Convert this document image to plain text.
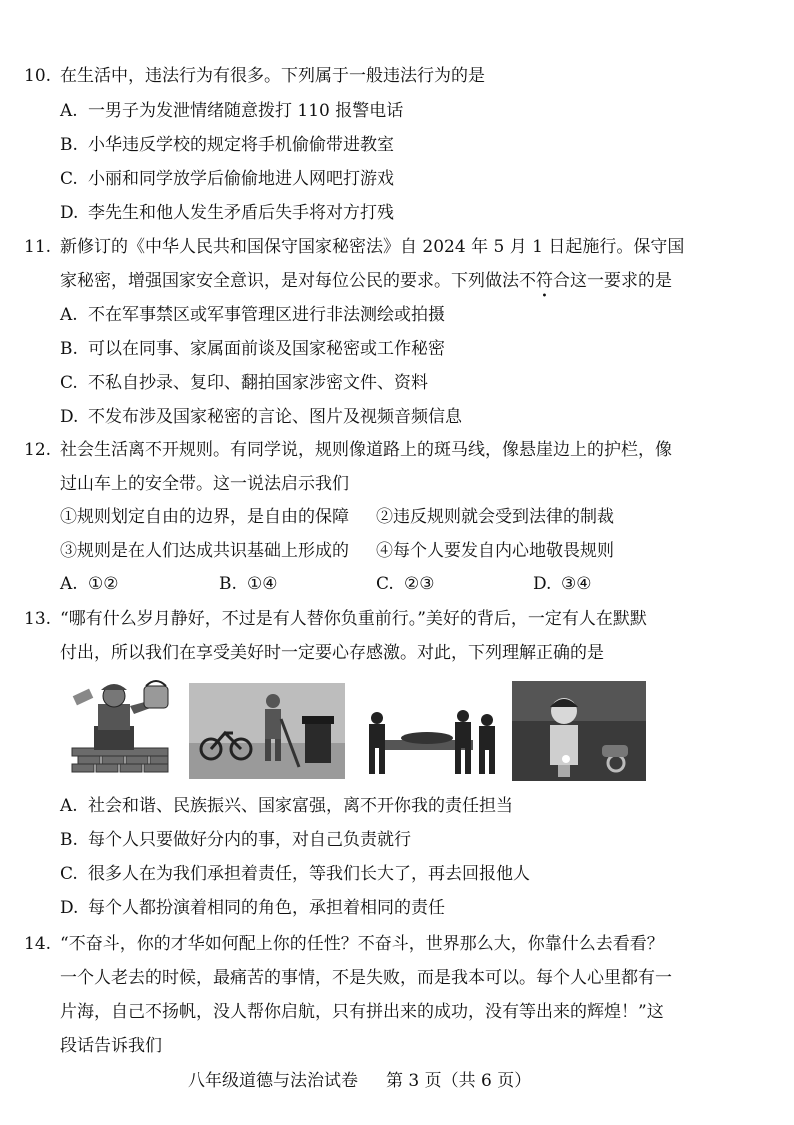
10. 在生活中，违法行为有很多。下列属于一般违法行为的是
A. 一男子为发泄情绪随意拨打 110 报警电话
B. 小华违反学校的规定将手机偷偷带进教室
C. 小丽和同学放学后偷偷地进人网吧打游戏
D. 李先生和他人发生矛盾后失手将对方打残
11. 新修订的《中华人民共和国保守国家秘密法》自 2024 年 5 月 1 日起施行。保守国
家秘密，增强国家安全意识，是对每位公民的要求。下列做法不符合这一要求的是
A. 不在军事禁区或军事管理区进行非法测绘或拍摄
B. 可以在同事、家属面前谈及国家秘密或工作秘密
C. 不私自抄录、复印、翻拍国家涉密文件、资料
D. 不发布涉及国家秘密的言论、图片及视频音频信息
12. 社会生活离不开规则。有同学说，规则像道路上的斑马线，像悬崖边上的护栏，像
过山车上的安全带。这一说法启示我们
①规则划定自由的边界，是自由的保障 ②违反规则就会受到法律的制裁
③规则是在人们达成共识基础上形成的 ④每个人要发自内心地敬畏规则
A. ①②	B. ①④	C. ②③	D. ③④
13. “哪有什么岁月静好，不过是有人替你负重前行。”美好的背后，一定有人在默默
付出，所以我们在享受美好时一定要心存感激。对此，下列理解正确的是
A. 社会和谐、民族振兴、国家富强，离不开你我的责任担当
B. 每个人只要做好分内的事，对自己负责就行
C. 很多人在为我们承担着责任，等我们长大了，再去回报他人
D. 每个人都扮演着相同的角色，承担着相同的责任
14. “不奋斗，你的才华如何配上你的任性？不奋斗，世界那么大，你靠什么去看看？
一个人老去的时候，最痛苦的事情，不是失败，而是我本可以。每个人心里都有一
片海，自己不扬帆，没人帮你启航，只有拼出来的成功，没有等出来的辉煌！”这
段话告诉我们
八年级道德与法治试卷 第 3 页（共 6 页）
